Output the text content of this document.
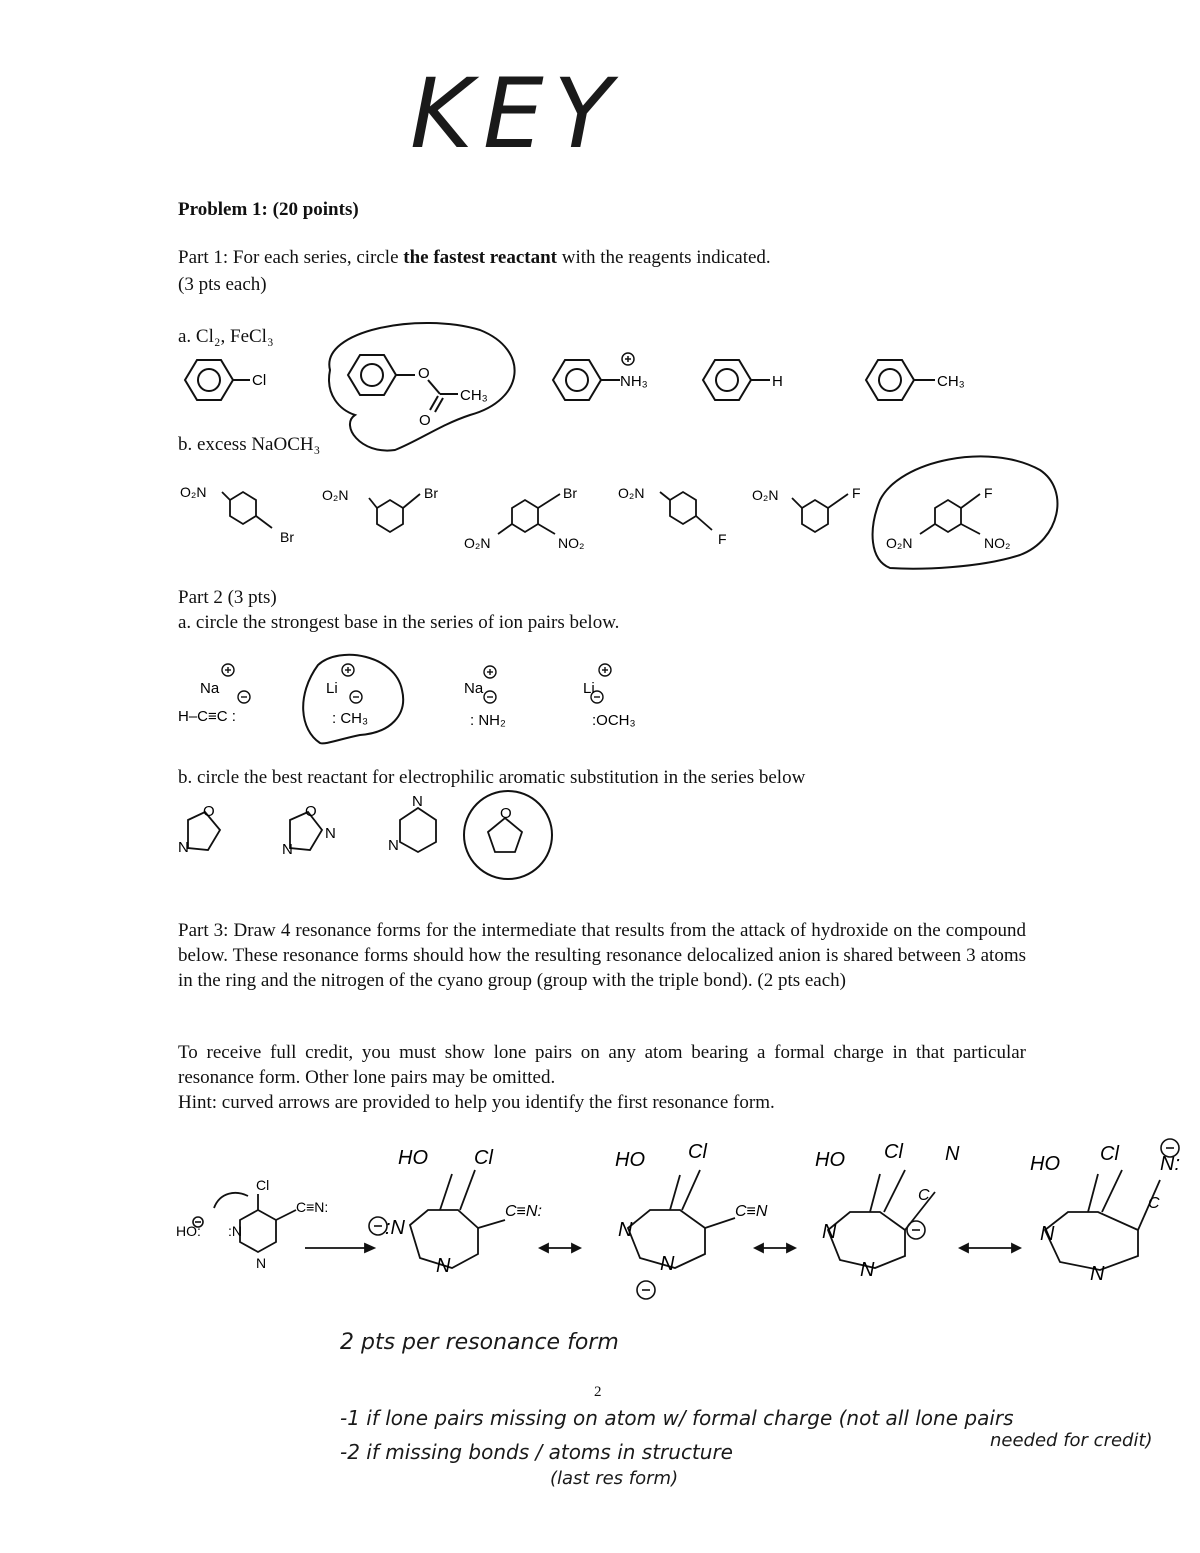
KEY
Problem 1: (20 points)
Part 1: For each series, circle the fastest reactant with the reagents indicated.
(3 pts each)
a. Cl₂, FeCl₃
Cl	O
CH₃
O
NH₃	H	CH₃
b. excess NaOCH₃
O₂N
Br
O₂N	Br	Br
O₂N	NO₂
O₂N
F
O₂N	F	F
O₂N	NO₂
Part 2 (3 pts)
a. circle the strongest base in the series of ion pairs below.
Na
H–C≡C :
Li
: CH₃
Na
: NH₂
Li
:OCH₃
b. circle the best reactant for electrophilic aromatic substitution in the series below
O
N
O
N
N
N
N
O
Part 3: Draw 4 resonance forms for the intermediate that results from the attack of hydroxide on the compound below. These resonance forms should how the resulting resonance delocalized anion is shared between 3 atoms in the ring and the nitrogen of the cyano group (group with the triple bond). (2 pts each)
To receive full credit, you must show lone pairs on any atom bearing a formal charge in that particular resonance form. Other lone pairs may be omitted.
Hint: curved arrows are provided to help you identify the first resonance form.
HO:
Cl
C≡N:
:N
N
HO Cl
C≡N:
:N
N
HO Cl
C≡N
N
N
HO Cl
C
N
N
N
HO Cl
C
N:
N
N
2 pts per resonance form
2
-1 if lone pairs missing on atom w/ formal charge (not all lone pairs
needed for credit)
-2 if missing bonds / atoms in structure
(last res form)
